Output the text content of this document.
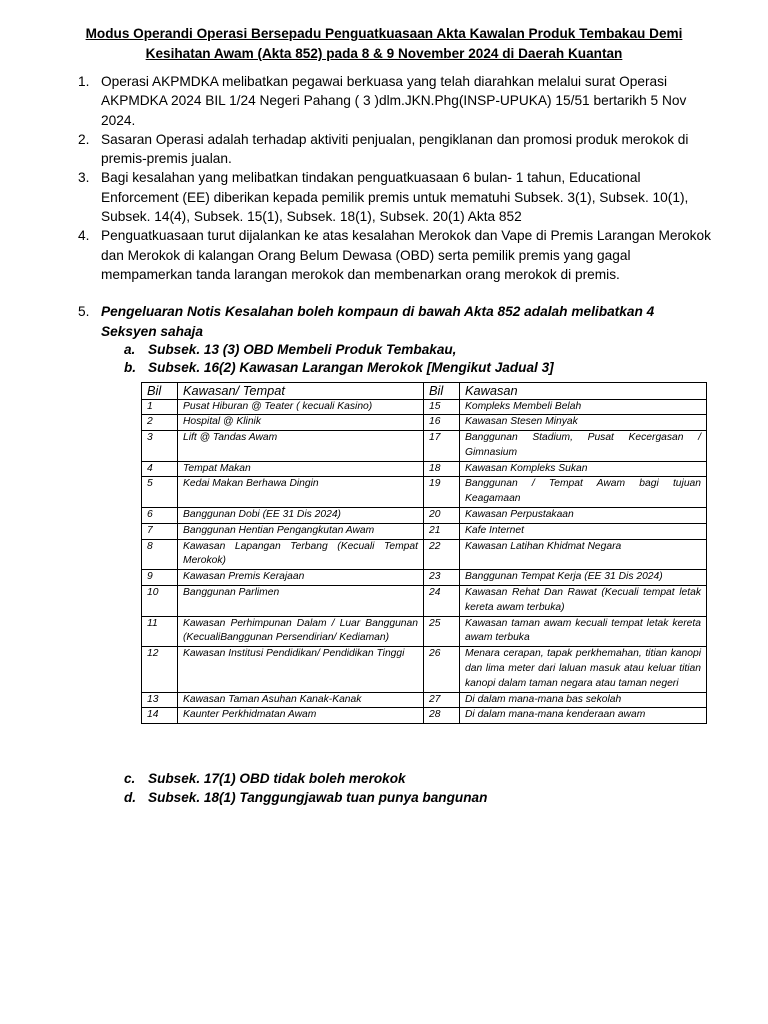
Modus Operandi Operasi Bersepadu Penguatkuasaan Akta Kawalan Produk Tembakau Demi
Kesihatan Awam (Akta 852) pada 8 & 9 November 2024 di Daerah Kuantan
1. Operasi AKPMDKA melibatkan pegawai berkuasa yang telah diarahkan melalui surat Operasi AKPMDKA 2024 BIL 1/24 Negeri Pahang ( 3 )dlm.JKN.Phg(INSP-UPUKA) 15/51 bertarikh 5 Nov 2024.
2. Sasaran Operasi adalah terhadap aktiviti penjualan, pengiklanan dan promosi produk merokok di premis-premis jualan.
3. Bagi kesalahan yang melibatkan tindakan penguatkuasaan 6 bulan- 1 tahun, Educational Enforcement (EE) diberikan kepada pemilik premis untuk mematuhi Subsek. 3(1), Subsek. 10(1), Subsek. 14(4), Subsek. 15(1), Subsek. 18(1), Subsek. 20(1) Akta 852
4. Penguatkuasaan turut dijalankan ke atas kesalahan Merokok dan Vape di Premis Larangan Merokok dan Merokok di kalangan Orang Belum Dewasa (OBD) serta pemilik premis yang gagal mempamerkan tanda larangan merokok dan membenarkan orang merokok di premis.
5. Pengeluaran Notis Kesalahan boleh kompaun di bawah Akta 852 adalah melibatkan 4 Seksyen sahaja
a. Subsek. 13 (3) OBD Membeli Produk Tembakau,
b. Subsek. 16(2) Kawasan Larangan Merokok [Mengikut Jadual 3]
Bil	Kawasan/ Tempat	Bil	Kawasan
1	Pusat Hiburan @ Teater ( kecuali Kasino)	15	Kompleks Membeli Belah
2	Hospital @ Klinik	16	Kawasan Stesen Minyak
3	Lift @ Tandas Awam	17	Banggunan Stadium, Pusat Kecergasan / Gimnasium
4	Tempat Makan	18	Kawasan Kompleks Sukan
5	Kedai Makan Berhawa Dingin	19	Banggunan / Tempat Awam bagi tujuan Keagamaan
6	Banggunan Dobi (EE 31 Dis 2024)	20	Kawasan Perpustakaan
7	Banggunan Hentian Pengangkutan Awam	21	Kafe Internet
8	Kawasan Lapangan Terbang (Kecuali Tempat Merokok)	22	Kawasan Latihan Khidmat Negara
9	Kawasan Premis Kerajaan	23	Banggunan Tempat Kerja (EE 31 Dis 2024)
10	Banggunan Parlimen	24	Kawasan Rehat Dan Rawat (Kecuali tempat letak kereta awam terbuka)
11	Kawasan Perhimpunan Dalam / Luar Banggunan (KecualiBanggunan Persendirian/ Kediaman)	25	Kawasan taman awam kecuali tempat letak kereta awam terbuka
12	Kawasan Institusi Pendidikan/ Pendidikan Tinggi	26	Menara cerapan, tapak perkhemahan, titian kanopi dan lima meter dari laluan masuk atau keluar titian kanopi dalam taman negara atau taman negeri
13	Kawasan Taman Asuhan Kanak-Kanak	27	Di dalam mana-mana bas sekolah
14	Kaunter Perkhidmatan Awam	28	Di dalam mana-mana kenderaan awam
c. Subsek. 17(1) OBD tidak boleh merokok
d. Subsek. 18(1) Tanggungjawab tuan punya bangunan
